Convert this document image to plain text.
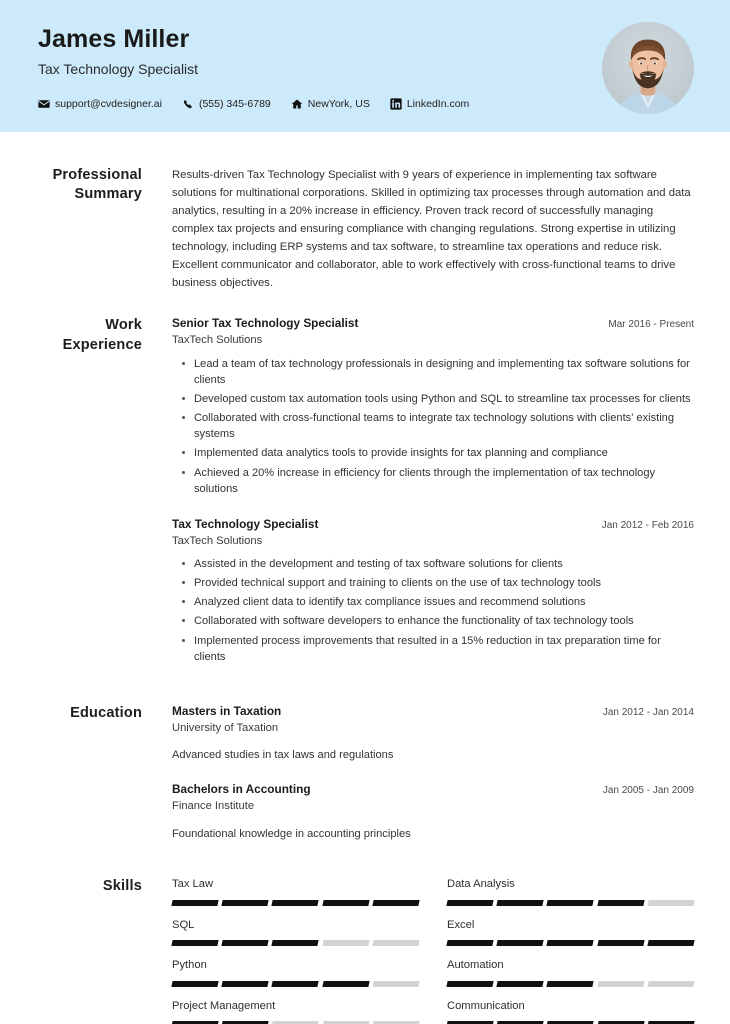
James Miller
Tax Technology Specialist
support@cvdesigner.ai	(555) 345-6789	NewYork, US	LinkedIn.com
Professional Summary

Results-driven Tax Technology Specialist with 9 years of experience in implementing tax software solutions for multinational corporations. Skilled in optimizing tax processes through automation and data analytics, resulting in a 20% increase in efficiency. Proven track record of successfully managing complex tax projects and ensuring compliance with changing regulations. Strong expertise in utilizing technology, including ERP systems and tax software, to streamline tax operations and reduce risk. Excellent communicator and collaborator, able to work effectively with cross-functional teams to drive business objectives.

Work Experience
Senior Tax Technology Specialist	Mar 2016 - Present
TaxTech Solutions
Lead a team of tax technology professionals in designing and implementing tax software solutions for clients
Developed custom tax automation tools using Python and SQL to streamline tax processes for clients
Collaborated with cross-functional teams to integrate tax technology solutions with clients' existing systems
Implemented data analytics tools to provide insights for tax planning and compliance
Achieved a 20% increase in efficiency for clients through the implementation of tax technology solutions
Tax Technology Specialist	Jan 2012 - Feb 2016
TaxTech Solutions
Assisted in the development and testing of tax software solutions for clients
Provided technical support and training to clients on the use of tax technology tools
Analyzed client data to identify tax compliance issues and recommend solutions
Collaborated with software developers to enhance the functionality of tax technology tools
Implemented process improvements that resulted in a 15% reduction in tax preparation time for clients
Education	Masters in Taxation	Jan 2012 - Jan 2014
University of Taxation
Advanced studies in tax laws and regulations
Bachelors in Accounting	Jan 2005 - Jan 2009
Finance Institute
Foundational knowledge in accounting principles
Skills	Tax Law	Data Analysis
SQL	Excel
Python	Automation
Project Management	Communication
